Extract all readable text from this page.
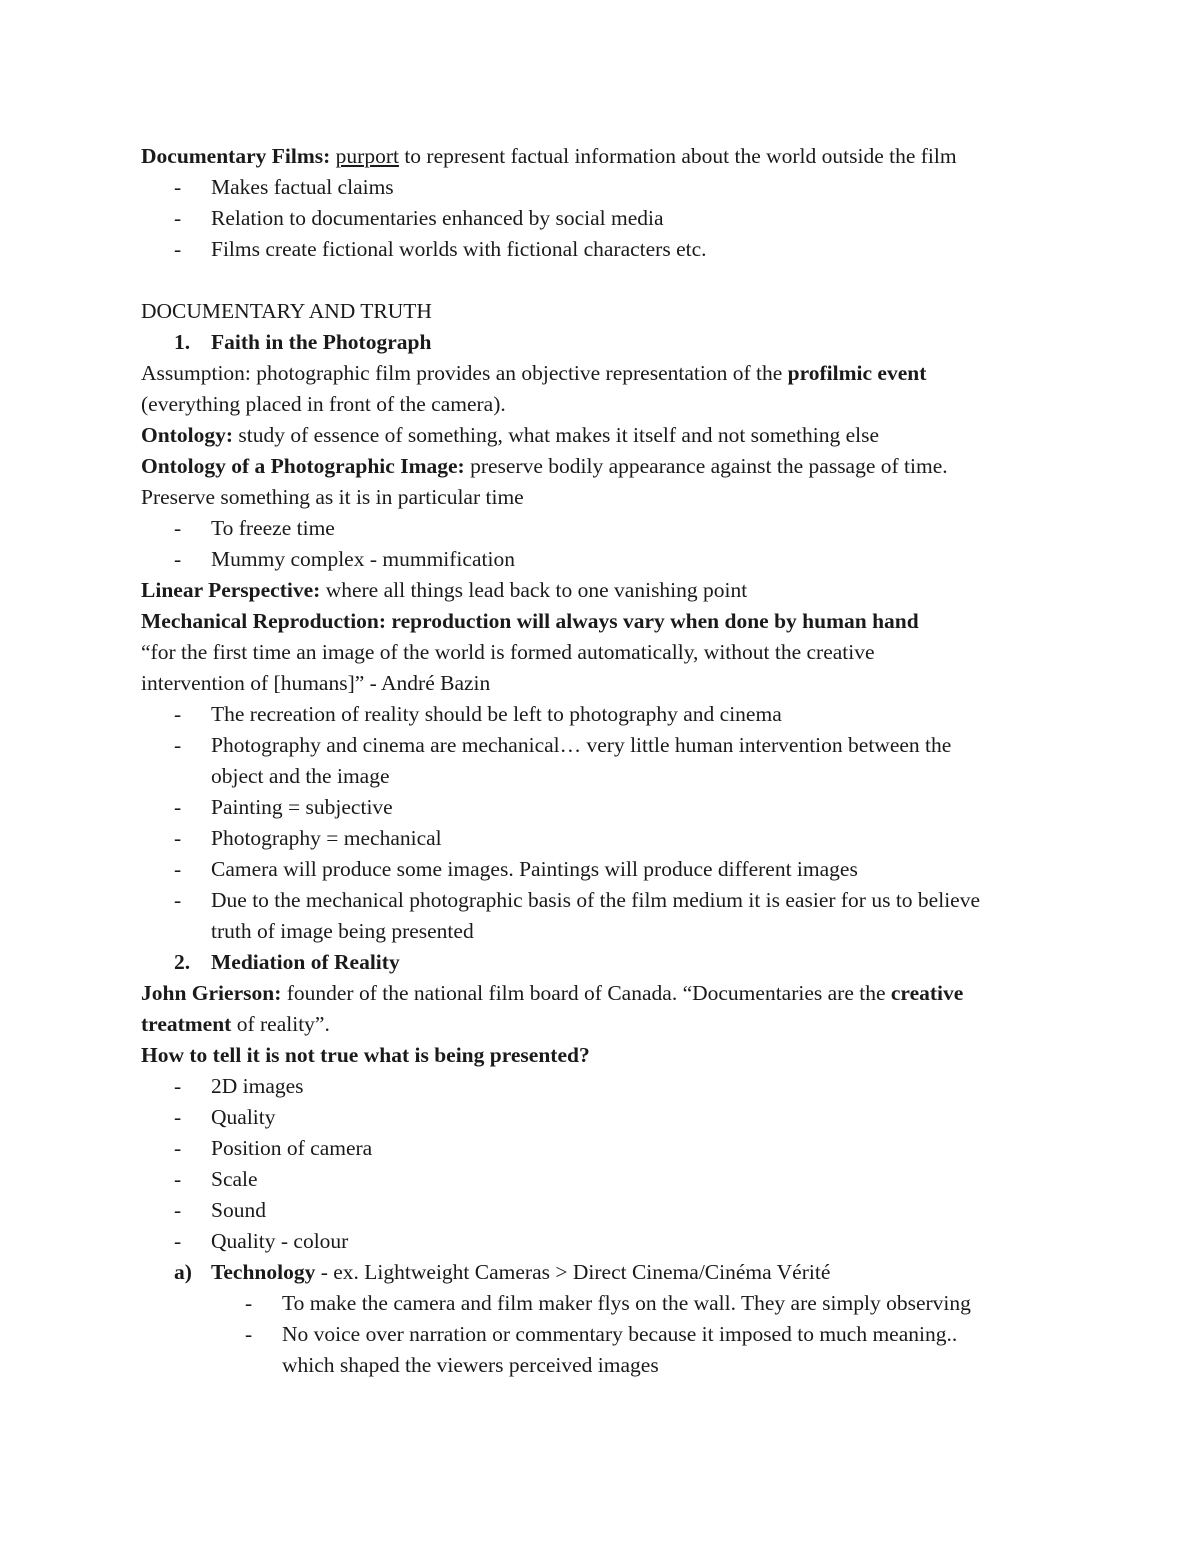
Documentary Films: purport to represent factual information about the world outside the film
-	Makes factual claims
-	Relation to documentaries enhanced by social media
-	Films create fictional worlds with fictional characters etc.
DOCUMENTARY AND TRUTH
1. Faith in the Photograph
Assumption: photographic film provides an objective representation of the profilmic event
(everything placed in front of the camera).
Ontology: study of essence of something, what makes it itself and not something else
Ontology of a Photographic Image: preserve bodily appearance against the passage of time.
Preserve something as it is in particular time
-	To freeze time
-	Mummy complex - mummification
Linear Perspective: where all things lead back to one vanishing point
Mechanical Reproduction: reproduction will always vary when done by human hand
“for the first time an image of the world is formed automatically, without the creative
intervention of [humans]” - André Bazin
-	The recreation of reality should be left to photography and cinema
-	Photography and cinema are mechanical… very little human intervention between the
object and the image
-	Painting = subjective
-	Photography = mechanical
-	Camera will produce some images. Paintings will produce different images
-	Due to the mechanical photographic basis of the film medium it is easier for us to believe
truth of image being presented
2. Mediation of Reality
John Grierson: founder of the national film board of Canada. “Documentaries are the creative
treatment of reality”.
How to tell it is not true what is being presented?
-	2D images
-	Quality
-	Position of camera
-	Scale
-	Sound
-	Quality - colour
a) Technology - ex. Lightweight Cameras > Direct Cinema/Cinéma Vérité
-	To make the camera and film maker flys on the wall. They are simply observing
-	No voice over narration or commentary because it imposed to much meaning..
which shaped the viewers perceived images
